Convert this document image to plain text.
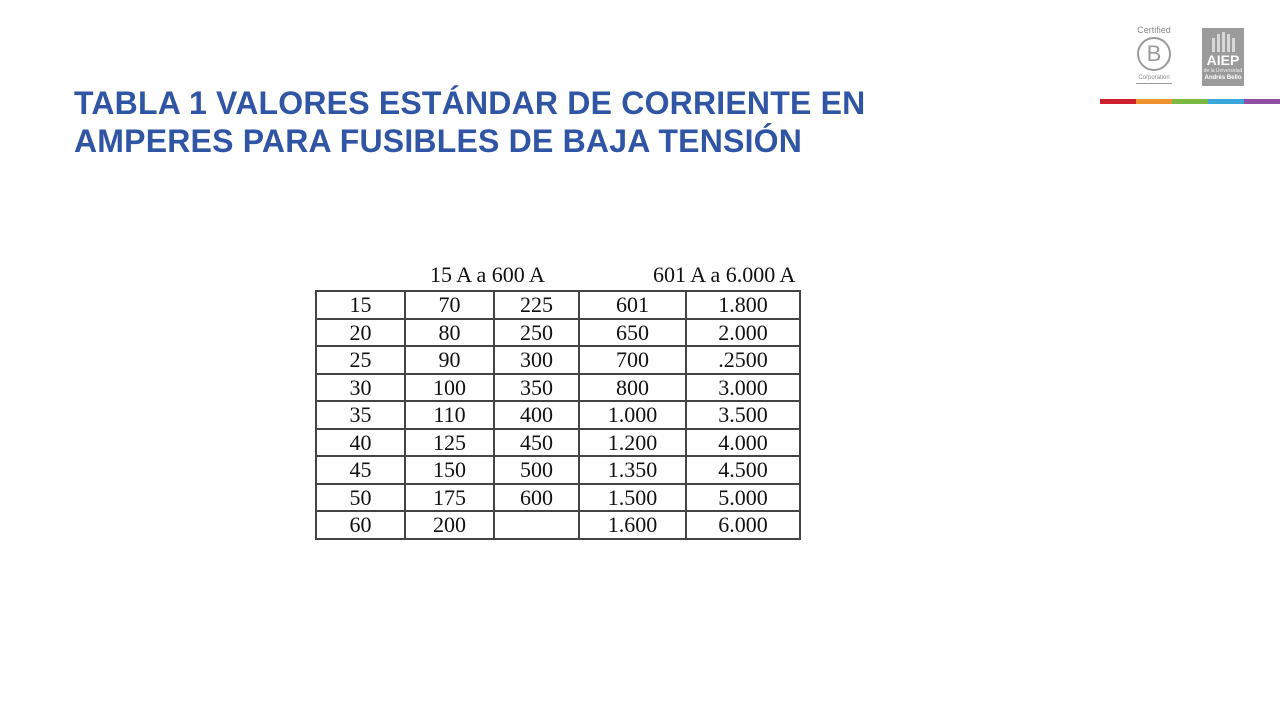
TABLA 1 VALORES ESTÁNDAR DE CORRIENTE EN
AMPERES PARA FUSIBLES DE BAJA TENSIÓN
Certified
B
Corporation
AIEP
de la Universidad
Andrés Bello
15 A a 600 A	601 A a 6.000 A
15	70	225	601	1.800
20	80	250	650	2.000
25	90	300	700	.2500
30	100	350	800	3.000
35	110	400	1.000	3.500
40	125	450	1.200	4.000
45	150	500	1.350	4.500
50	175	600	1.500	5.000
60	200		1.600	6.000
